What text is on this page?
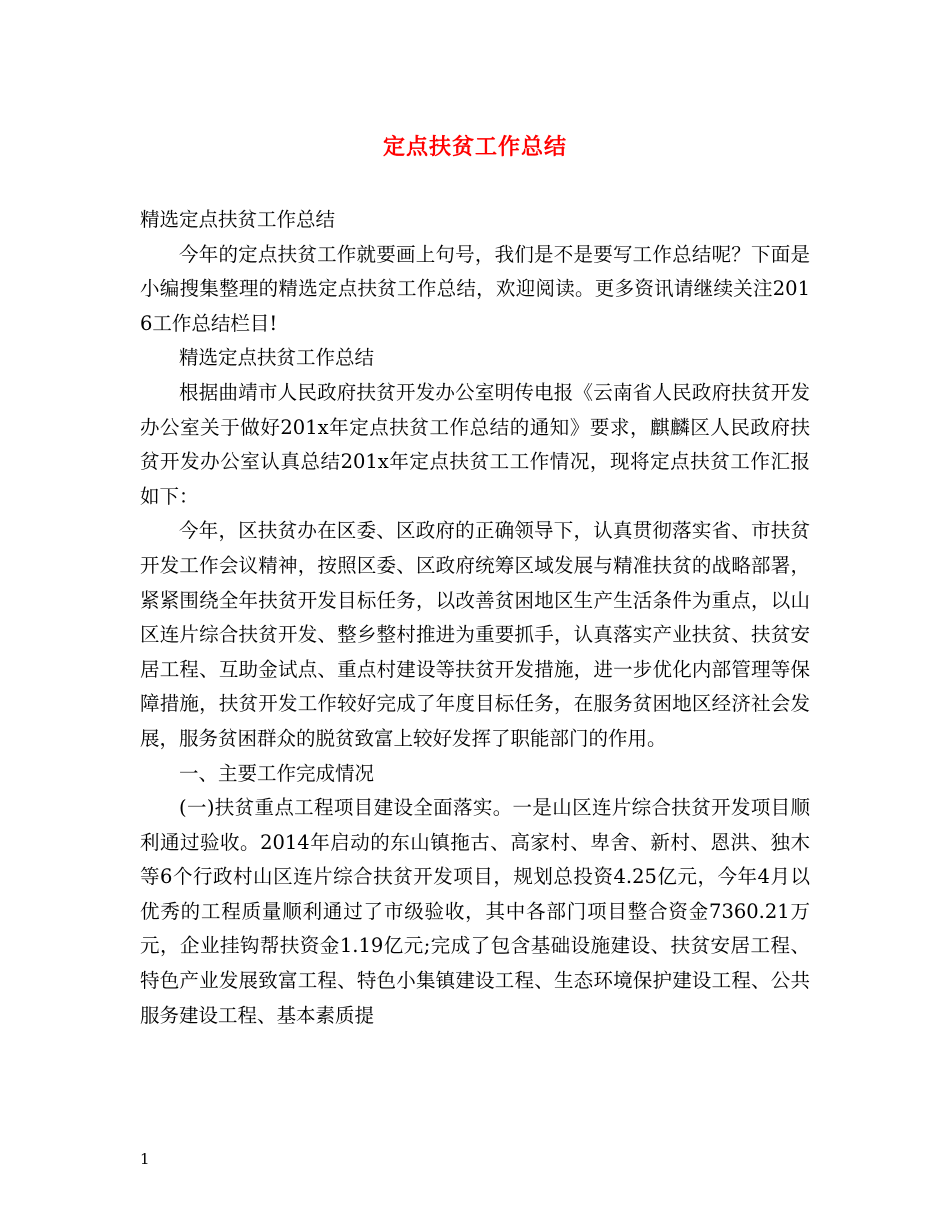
定点扶贫工作总结

精选定点扶贫工作总结

今年的定点扶贫工作就要画上句号，我们是不是要写工作总结呢？下面是小编搜集整理的精选定点扶贫工作总结，欢迎阅读。更多资讯请继续关注2016工作总结栏目!

精选定点扶贫工作总结

根据曲靖市人民政府扶贫开发办公室明传电报《云南省人民政府扶贫开发办公室关于做好201x年定点扶贫工作总结的通知》要求，麒麟区人民政府扶贫开发办公室认真总结201x年定点扶贫工工作情况，现将定点扶贫工作汇报如下：

今年，区扶贫办在区委、区政府的正确领导下，认真贯彻落实省、市扶贫开发工作会议精神，按照区委、区政府统筹区域发展与精准扶贫的战略部署，紧紧围绕全年扶贫开发目标任务，以改善贫困地区生产生活条件为重点，以山区连片综合扶贫开发、整乡整村推进为重要抓手，认真落实产业扶贫、扶贫安居工程、互助金试点、重点村建设等扶贫开发措施，进一步优化内部管理等保障措施，扶贫开发工作较好完成了年度目标任务，在服务贫困地区经济社会发展，服务贫困群众的脱贫致富上较好发挥了职能部门的作用。

一、主要工作完成情况

(一)扶贫重点工程项目建设全面落实。一是山区连片综合扶贫开发项目顺利通过验收。2014年启动的东山镇拖古、高家村、卑舍、新村、恩洪、独木等6个行政村山区连片综合扶贫开发项目，规划总投资4.25亿元，今年4月以优秀的工程质量顺利通过了市级验收，其中各部门项目整合资金7360.21万元，企业挂钩帮扶资金1.19亿元;完成了包含基础设施建设、扶贫安居工程、特色产业发展致富工程、特色小集镇建设工程、生态环境保护建设工程、公共服务建设工程、基本素质提

1
